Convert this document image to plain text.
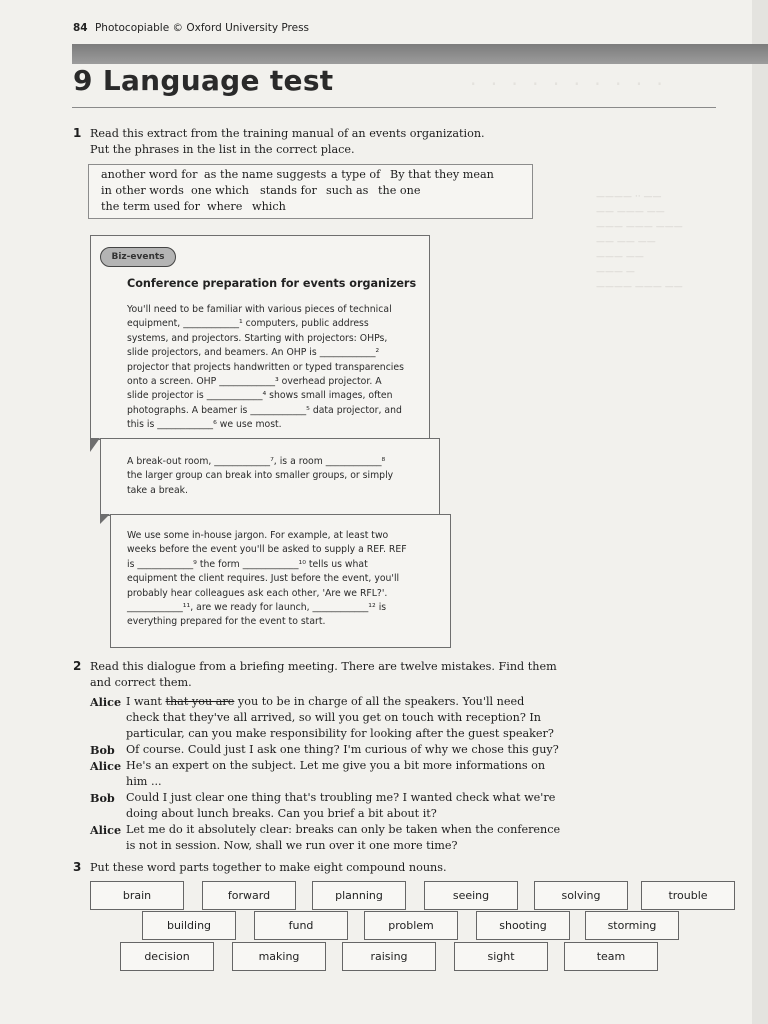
· · · · · · · · · ·
———— ·· ——
—— ——— ——
——— ——— ———
—— —— ——
——— ——
——— —
———— ——— ——
84 Photocopiable © Oxford University Press
9 Language test
1 Read this extract from the training manual of an events organization.
Put the phrases in the list in the correct place.
another word for as the name suggests a type of By that they mean
in other words one which stands for such as the one
the term used for where which
Biz-events
Conference preparation for events organizers
You'll need to be familiar with various pieces of technical
equipment, ____________¹ computers, public address
systems, and projectors. Starting with projectors: OHPs,
slide projectors, and beamers. An OHP is ____________²
projector that projects handwritten or typed transparencies
onto a screen. OHP ____________³ overhead projector. A
slide projector is ____________⁴ shows small images, often
photographs. A beamer is ____________⁵ data projector, and
this is ____________⁶ we use most.
A break-out room, ____________⁷, is a room ____________⁸
the larger group can break into smaller groups, or simply
take a break.
We use some in-house jargon. For example, at least two
weeks before the event you'll be asked to supply a REF. REF
is ____________⁹ the form ____________¹⁰ tells us what
equipment the client requires. Just before the event, you'll
probably hear colleagues ask each other, 'Are we RFL?'.
____________¹¹, are we ready for launch, ____________¹² is
everything prepared for the event to start.
2 Read this dialogue from a briefing meeting. There are twelve mistakes. Find them
and correct them.
Alice I want that you are you to be in charge of all the speakers. You'll need
check that they've all arrived, so will you get on touch with reception? In
particular, can you make responsibility for looking after the guest speaker?
Bob Of course. Could just I ask one thing? I'm curious of why we chose this guy?
Alice He's an expert on the subject. Let me give you a bit more informations on
him ...
Bob Could I just clear one thing that's troubling me? I wanted check what we're
doing about lunch breaks. Can you brief a bit about it?
Alice Let me do it absolutely clear: breaks can only be taken when the conference
is not in session. Now, shall we run over it one more time?
3 Put these word parts together to make eight compound nouns.
brain	forward	planning	seeing	solving	trouble
building	fund	problem	shooting	storming
decision	making	raising	sight	team
